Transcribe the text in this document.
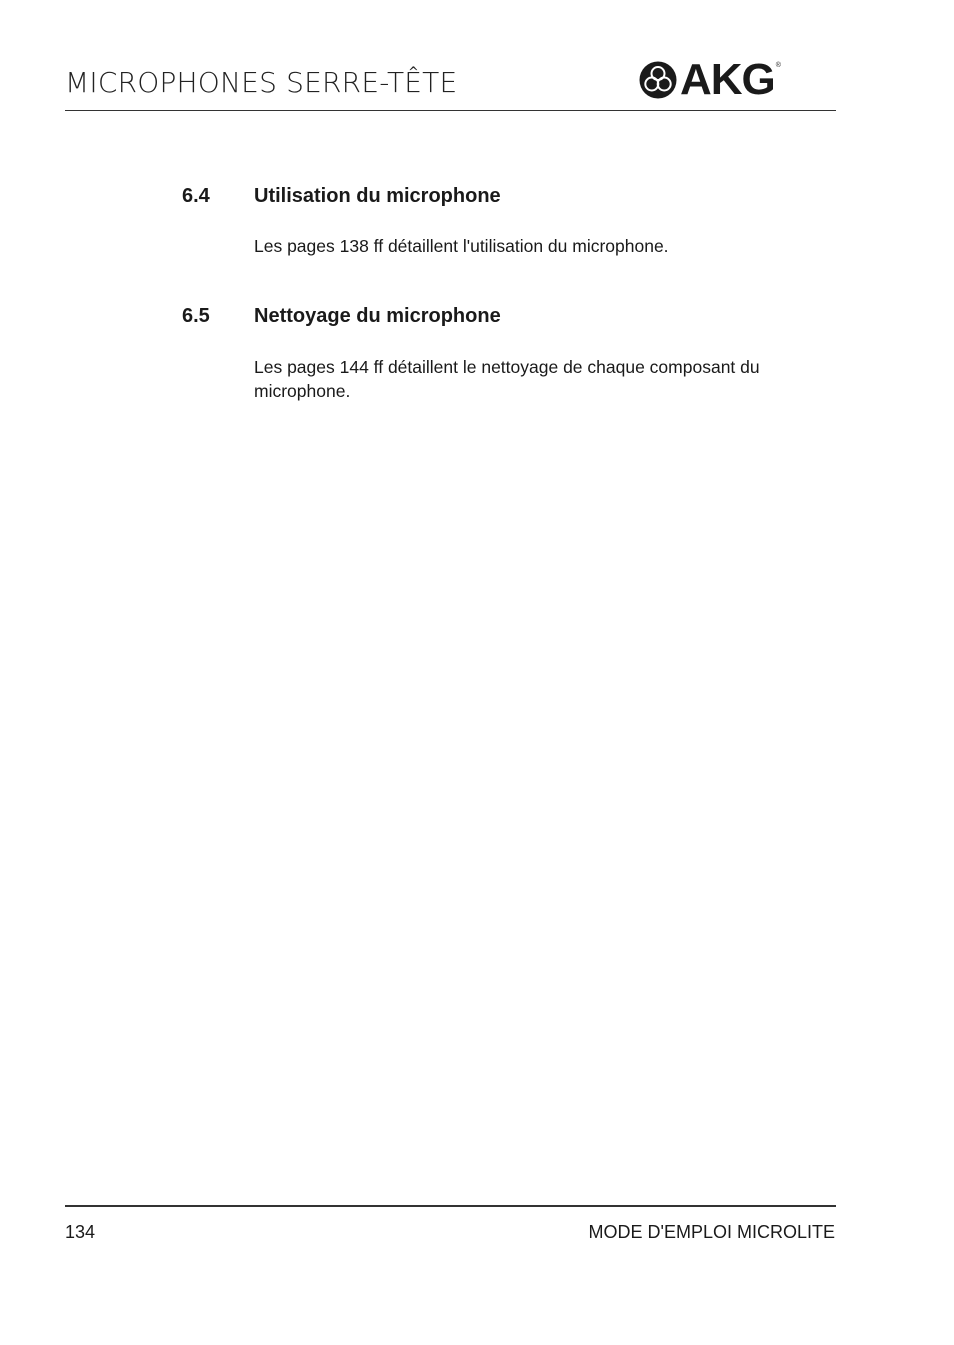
MICROPHONES SERRE-TÊTE	AKG ®
6.4 Utilisation du microphone
Les pages 138 ff détaillent l'utilisation du microphone.
6.5 Nettoyage du microphone
Les pages 144 ff détaillent le nettoyage de chaque composant du microphone.
134	MODE D'EMPLOI MICROLITE
